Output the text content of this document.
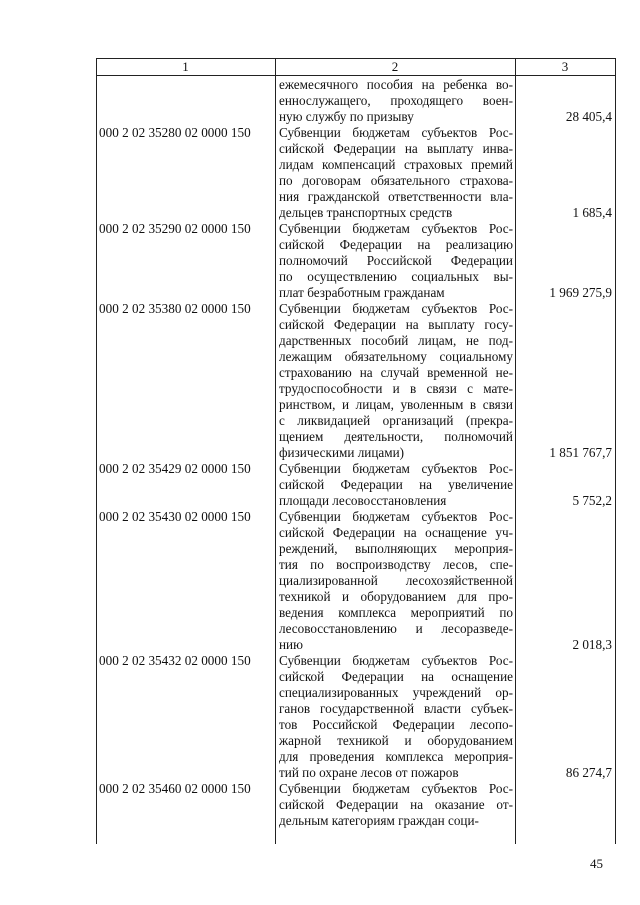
1	2	3
ежемесячного пособия на ребенка во-
еннослужащего, проходящего воен-
ную службу по призыву	28 405,4
000 2 02 35280 02 0000 150	Субвенции бюджетам субъектов Рос-
сийской Федерации на выплату инва-
лидам компенсаций страховых премий
по договорам обязательного страхова-
ния гражданской ответственности вла-
дельцев транспортных средств	1 685,4
000 2 02 35290 02 0000 150	Субвенции бюджетам субъектов Рос-
сийской Федерации на реализацию
полномочий Российской Федерации
по осуществлению социальных вы-
плат безработным гражданам	1 969 275,9
000 2 02 35380 02 0000 150	Субвенции бюджетам субъектов Рос-
сийской Федерации на выплату госу-
дарственных пособий лицам, не под-
лежащим обязательному социальному
страхованию на случай временной не-
трудоспособности и в связи с мате-
ринством, и лицам, уволенным в связи
с ликвидацией организаций (прекра-
щением деятельности, полномочий
физическими лицами)	1 851 767,7
000 2 02 35429 02 0000 150	Субвенции бюджетам субъектов Рос-
сийской Федерации на увеличение
площади лесовосстановления	5 752,2
000 2 02 35430 02 0000 150	Субвенции бюджетам субъектов Рос-
сийской Федерации на оснащение уч-
реждений, выполняющих мероприя-
тия по воспроизводству лесов, спе-
циализированной лесохозяйственной
техникой и оборудованием для про-
ведения комплекса мероприятий по
лесовосстановлению и лесоразведе-
нию	2 018,3
000 2 02 35432 02 0000 150	Субвенции бюджетам субъектов Рос-
сийской Федерации на оснащение
специализированных учреждений ор-
ганов государственной власти субъек-
тов Российской Федерации лесопо-
жарной техникой и оборудованием
для проведения комплекса мероприя-
тий по охране лесов от пожаров	86 274,7
000 2 02 35460 02 0000 150	Субвенции бюджетам субъектов Рос-
сийской Федерации на оказание от-
дельным категориям граждан соци-
45
